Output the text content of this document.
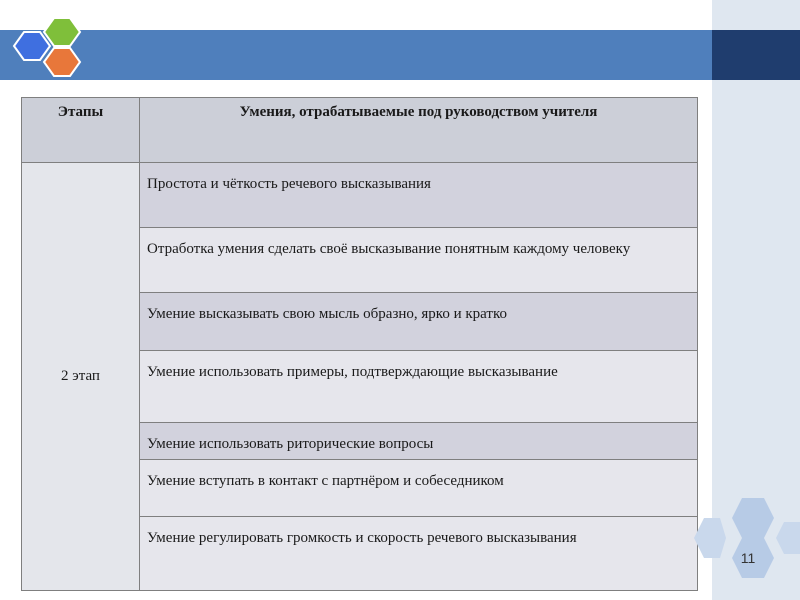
Этапы	Умения, отрабатываемые под руководством учителя
2 этап	Простота и чёткость речевого высказывания
	Отработка умения сделать своё высказывание понятным каждому человеку
	Умение высказывать свою мысль образно, ярко и кратко
	Умение использовать примеры, подтверждающие высказывание
	Умение использовать риторические вопросы
	Умение вступать в контакт с партнёром и собеседником
	Умение регулировать громкость и скорость речевого высказывания
11
